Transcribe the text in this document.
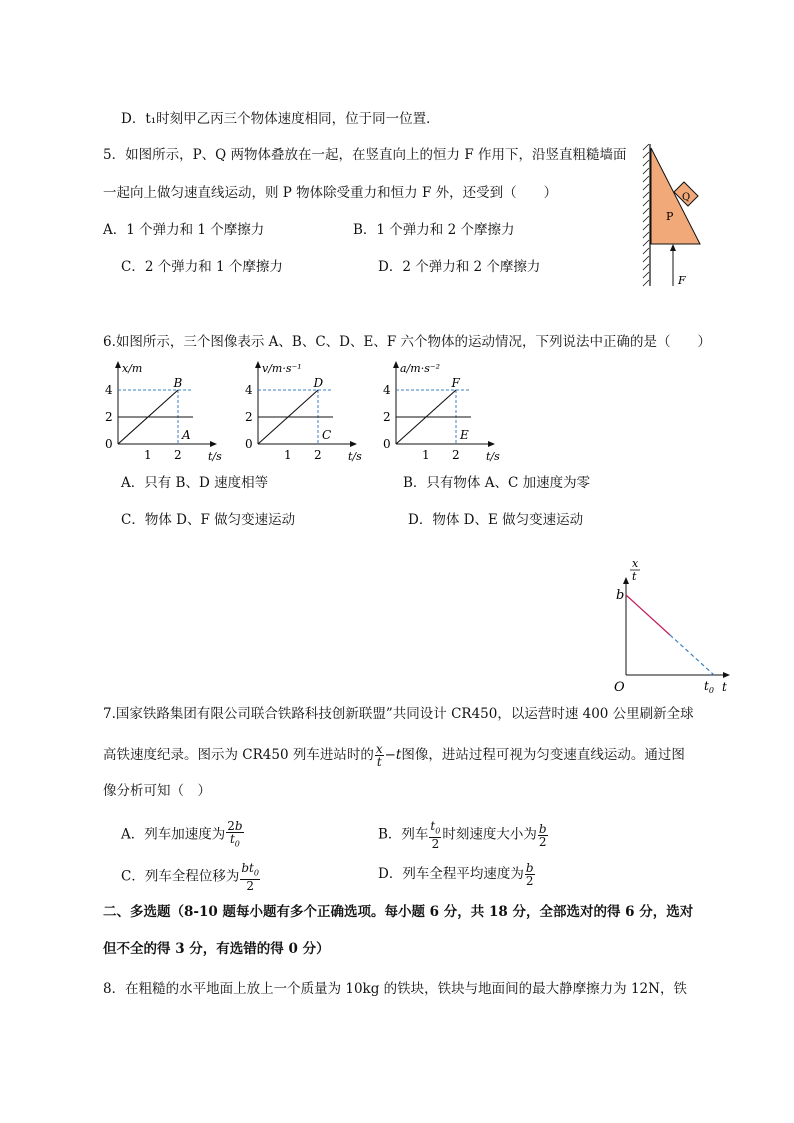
D．t₁时刻甲乙丙三个物体速度相同，位于同一位置．
5．如图所示，P、Q 两物体叠放在一起，在竖直向上的恒力 F 作用下，沿竖直粗糙墙面
一起向上做匀速直线运动，则 P 物体除受重力和恒力 F 外，还受到（　　）
A．1 个弹力和 1 个摩擦力	B．1 个弹力和 2 个摩擦力
C．2 个弹力和 1 个摩擦力	D．2 个弹力和 2 个摩擦力
P
Q
F
6.如图所示，三个图像表示 A、B、C、D、E、F 六个物体的运动情况，下列说法中正确的是（　　）
x/m
t/s
0
2
4
1 2
B
A
v/m·s⁻¹
t/s
0
2
4
1 2
D
C
a/m·s⁻²
t/s
0
2
4
1 2
F
E
A．只有 B、D 速度相等	B．只有物体 A、C 加速度为零
C．物体 D、F 做匀变速运动	D．物体 D、E 做匀变速运动
x
t
t
O
b
$t_0$
7.国家铁路集团有限公司联合铁路科技创新联盟”共同设计 CR450，以运营时速 400 公里刷新全球
高铁速度纪录。图示为 CR450 列车进站时的 $\frac{x}{t} -t$图像，进站过程可视为匀变速直线运动。通过图
像分析可知（　）
A．列车加速度为 $\frac{2b}{t_0}$	B．列车 $\frac{t_0}{2}$ 时刻速度大小为 $\frac{b}{2}$
C．列车全程位移为 $\frac{bt_0}{2}$	D．列车全程平均速度为 $\frac{b}{2}$
二、多选题（8-10 题每小题有多个正确选项。每小题 6 分，共 18 分，全部选对的得 6 分，选对
但不全的得 3 分，有选错的得 0 分）
8．在粗糙的水平地面上放上一个质量为 10kg 的铁块，铁块与地面间的最大静摩擦力为 12N，铁
